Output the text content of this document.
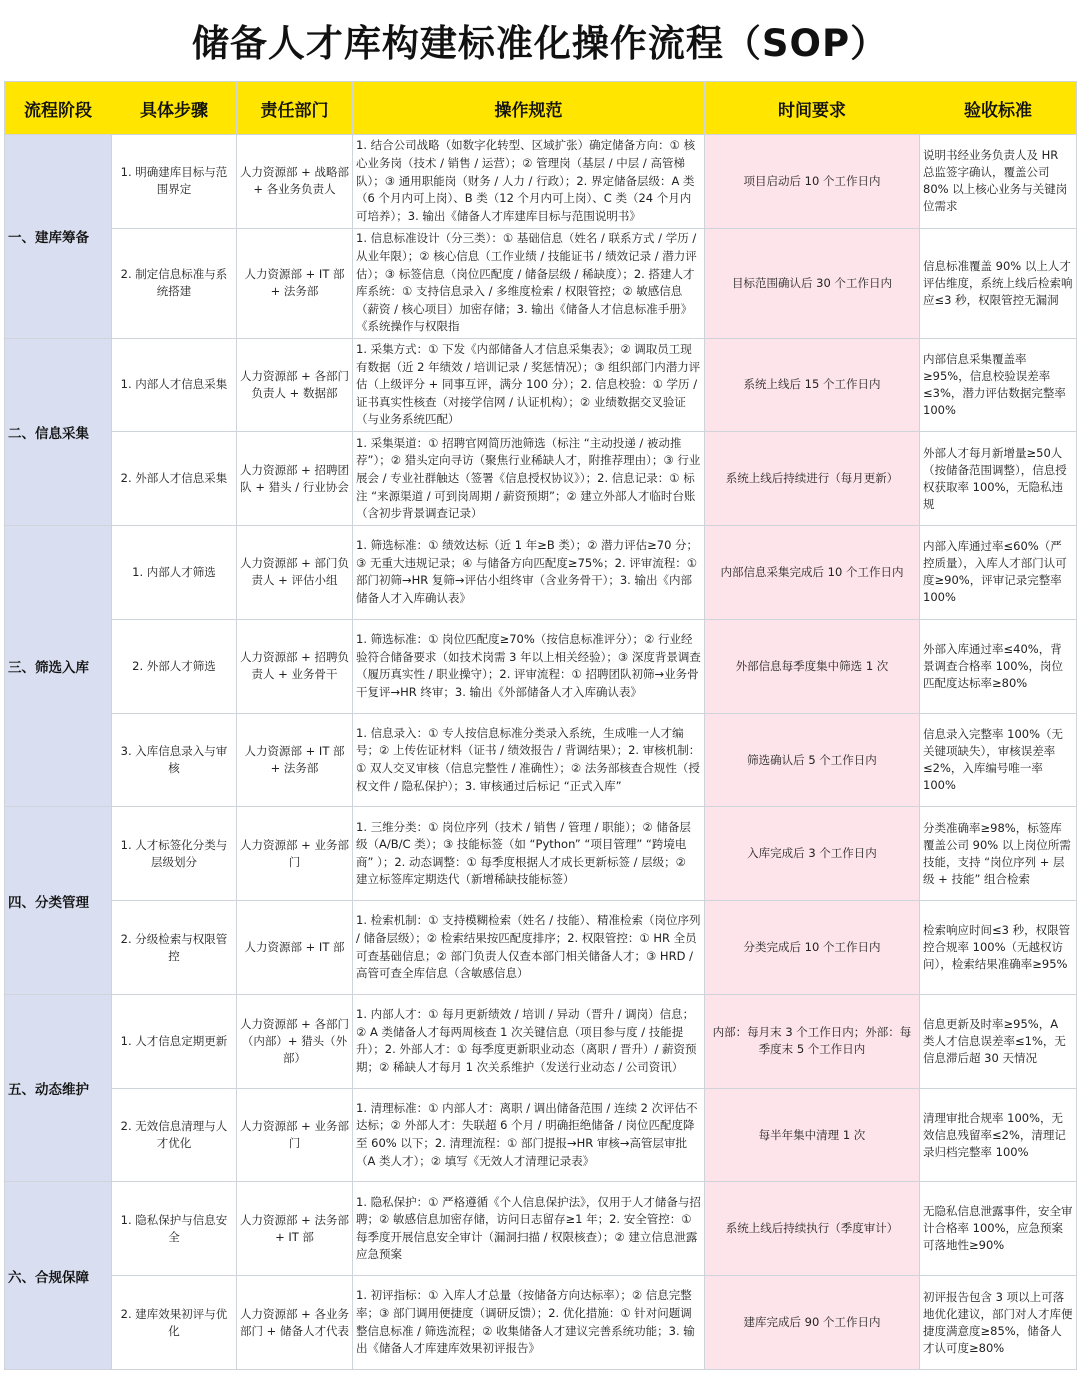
储备人才库构建标准化操作流程（SOP）
流程阶段	具体步骤	责任部门	操作规范	时间要求	验收标准
一、建库筹备	1. 明确建库目标与范围界定	人力资源部 + 战略部 + 各业务负责人	1. 结合公司战略（如数字化转型、区域扩张）确定储备方向：① 核心业务岗（技术 / 销售 / 运营）；② 管理岗（基层 / 中层 / 高管梯队）；③ 通用职能岗（财务 / 人力 / 行政）；2. 界定储备层级：A 类（6 个月内可上岗）、B 类（12 个月内可上岗）、C 类（24 个月内可培养）；3. 输出《储备人才库建库目标与范围说明书》	项目启动后 10 个工作日内	说明书经业务负责人及 HR 总监签字确认，覆盖公司 80% 以上核心业务与关键岗位需求
	2. 制定信息标准与系统搭建	人力资源部 + IT 部 + 法务部	1. 信息标准设计（分三类）：① 基础信息（姓名 / 联系方式 / 学历 / 从业年限）；② 核心信息（工作业绩 / 技能证书 / 绩效记录 / 潜力评估）；③ 标签信息（岗位匹配度 / 储备层级 / 稀缺度）；2. 搭建人才库系统：① 支持信息录入 / 多维度检索 / 权限管控；② 敏感信息（薪资 / 核心项目）加密存储；3. 输出《储备人才信息标准手册》《系统操作与权限指	目标范围确认后 30 个工作日内	信息标准覆盖 90% 以上人才评估维度，系统上线后检索响应≤3 秒，权限管控无漏洞
二、信息采集	1. 内部人才信息采集	人力资源部 + 各部门负责人 + 数据部	1. 采集方式：① 下发《内部储备人才信息采集表》；② 调取员工现有数据（近 2 年绩效 / 培训记录 / 奖惩情况）；③ 组织部门内潜力评估（上级评分 + 同事互评，满分 100 分）；2. 信息校验：① 学历 / 证书真实性核查（对接学信网 / 认证机构）；② 业绩数据交叉验证（与业务系统匹配）	系统上线后 15 个工作日内	内部信息采集覆盖率≥95%，信息校验误差率≤3%，潜力评估数据完整率 100%
	2. 外部人才信息采集	人力资源部 + 招聘团队 + 猎头 / 行业协会	1. 采集渠道：① 招聘官网简历池筛选（标注 “主动投递 / 被动推荐”）；② 猎头定向寻访（聚焦行业稀缺人才，附推荐理由）；③ 行业展会 / 专业社群触达（签署《信息授权协议》）；2. 信息记录：① 标注 “来源渠道 / 可到岗周期 / 薪资预期”；② 建立外部人才临时台账（含初步背景调查记录）	系统上线后持续进行（每月更新）	外部人才每月新增量≥50人（按储备范围调整），信息授权获取率 100%，无隐私违规
三、筛选入库	1. 内部人才筛选	人力资源部 + 部门负责人 + 评估小组	1. 筛选标准：① 绩效达标（近 1 年≥B 类）；② 潜力评估≥70 分；③ 无重大违规记录；④ 与储备方向匹配度≥75%；2. 评审流程：① 部门初筛→HR 复筛→评估小组终审（含业务骨干）；3. 输出《内部储备人才入库确认表》	内部信息采集完成后 10 个工作日内	内部入库通过率≤60%（严控质量），入库人才部门认可度≥90%，评审记录完整率 100%
	2. 外部人才筛选	人力资源部 + 招聘负责人 + 业务骨干	1. 筛选标准：① 岗位匹配度≥70%（按信息标准评分）；② 行业经验符合储备要求（如技术岗需 3 年以上相关经验）；③ 深度背景调查（履历真实性 / 职业操守）；2. 评审流程：① 招聘团队初筛→业务骨干复评→HR 终审；3. 输出《外部储备人才入库确认表》	外部信息每季度集中筛选 1 次	外部入库通过率≤40%，背景调查合格率 100%，岗位匹配度达标率≥80%
	3. 入库信息录入与审核	人力资源部 + IT 部 + 法务部	1. 信息录入：① 专人按信息标准分类录入系统，生成唯一人才编号；② 上传佐证材料（证书 / 绩效报告 / 背调结果）；2. 审核机制：① 双人交叉审核（信息完整性 / 准确性）；② 法务部核查合规性（授权文件 / 隐私保护）；3. 审核通过后标记 “正式入库”	筛选确认后 5 个工作日内	信息录入完整率 100%（无关键项缺失），审核误差率≤2%，入库编号唯一率 100%
四、分类管理	1. 人才标签化分类与层级划分	人力资源部 + 业务部门	1. 三维分类：① 岗位序列（技术 / 销售 / 管理 / 职能）；② 储备层级（A/B/C 类）；③ 技能标签（如 “Python” “项目管理” “跨境电商” ）；2. 动态调整：① 每季度根据人才成长更新标签 / 层级；② 建立标签库定期迭代（新增稀缺技能标签）	入库完成后 3 个工作日内	分类准确率≥98%，标签库覆盖公司 90% 以上岗位所需技能，支持 “岗位序列 + 层级 + 技能” 组合检索
	2. 分级检索与权限管控	人力资源部 + IT 部	1. 检索机制：① 支持模糊检索（姓名 / 技能）、精准检索（岗位序列 / 储备层级）；② 检索结果按匹配度排序；2. 权限管控：① HR 全员可查基础信息；② 部门负责人仅查本部门相关储备人才；③ HRD / 高管可查全库信息（含敏感信息）	分类完成后 10 个工作日内	检索响应时间≤3 秒，权限管控合规率 100%（无越权访问），检索结果准确率≥95%
五、动态维护	1. 人才信息定期更新	人力资源部 + 各部门（内部）+ 猎头（外部）	1. 内部人才：① 每月更新绩效 / 培训 / 异动（晋升 / 调岗）信息；② A 类储备人才每两周核查 1 次关键信息（项目参与度 / 技能提升）；2. 外部人才：① 每季度更新职业动态（离职 / 晋升）/ 薪资预期；② 稀缺人才每月 1 次关系维护（发送行业动态 / 公司资讯）	内部：每月末 3 个工作日内；外部：每季度末 5 个工作日内	信息更新及时率≥95%，A 类人才信息误差率≤1%，无信息滞后超 30 天情况
	2. 无效信息清理与人才优化	人力资源部 + 业务部门	1. 清理标准：① 内部人才：离职 / 调出储备范围 / 连续 2 次评估不达标；② 外部人才：失联超 6 个月 / 明确拒绝储备 / 岗位匹配度降至 60% 以下；2. 清理流程：① 部门提报→HR 审核→高管层审批（A 类人才）；② 填写《无效人才清理记录表》	每半年集中清理 1 次	清理审批合规率 100%，无效信息残留率≤2%，清理记录归档完整率 100%
六、合规保障	1. 隐私保护与信息安全	人力资源部 + 法务部 + IT 部	1. 隐私保护：① 严格遵循《个人信息保护法》，仅用于人才储备与招聘；② 敏感信息加密存储，访问日志留存≥1 年；2. 安全管控：① 每季度开展信息安全审计（漏洞扫描 / 权限核查）；② 建立信息泄露应急预案	系统上线后持续执行（季度审计）	无隐私信息泄露事件，安全审计合格率 100%，应急预案可落地性≥90%
	2. 建库效果初评与优化	人力资源部 + 各业务部门 + 储备人才代表	1. 初评指标：① 入库人才总量（按储备方向达标率）；② 信息完整率；③ 部门调用便捷度（调研反馈）；2. 优化措施：① 针对问题调整信息标准 / 筛选流程；② 收集储备人才建议完善系统功能；3. 输出《储备人才库建库效果初评报告》	建库完成后 90 个工作日内	初评报告包含 3 项以上可落地优化建议，部门对人才库便捷度满意度≥85%，储备人才认可度≥80%
